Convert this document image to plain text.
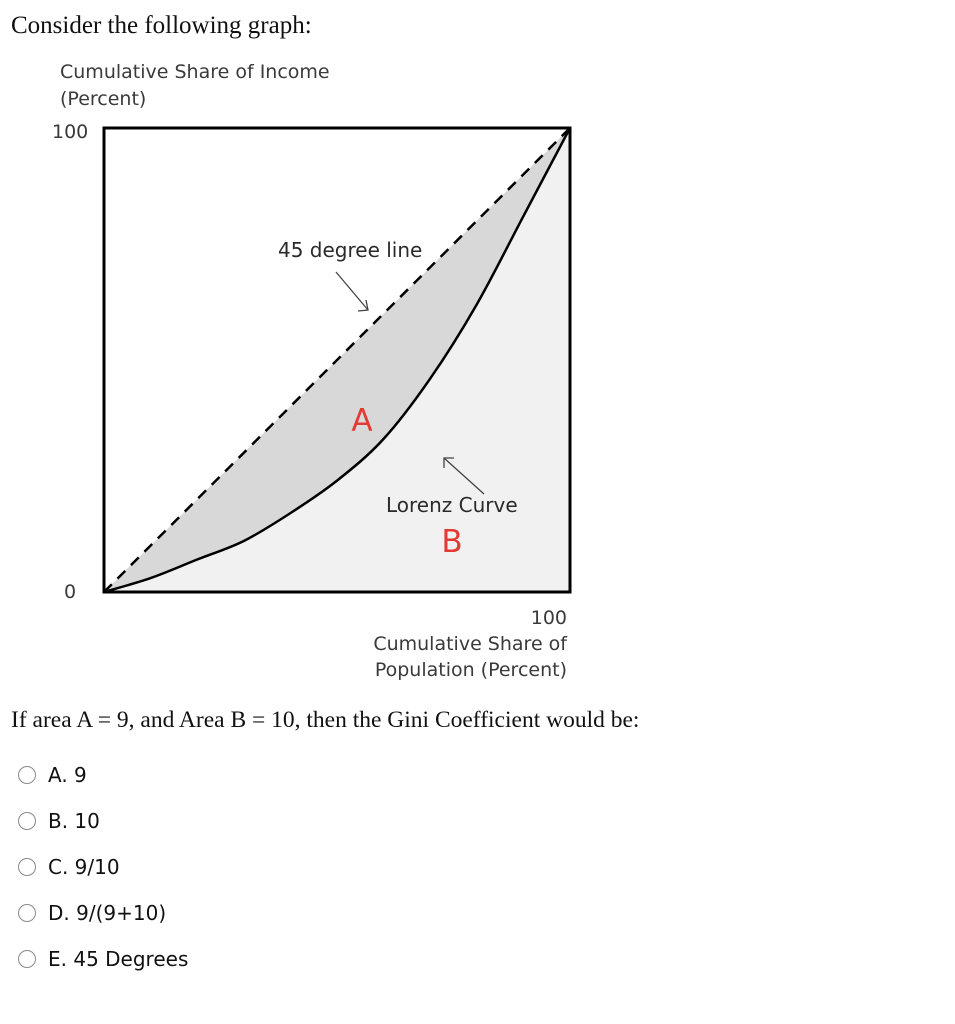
Consider the following graph:
Cumulative Share of Income
(Percent)
100
0
100
Cumulative Share of
Population (Percent)
45 degree line
Lorenz Curve
A
B

If area A = 9, and Area B = 10, then the Gini Coefficient would be:

A. 9
B. 10
C. 9/10
D. 9/(9+10)
E. 45 Degrees
